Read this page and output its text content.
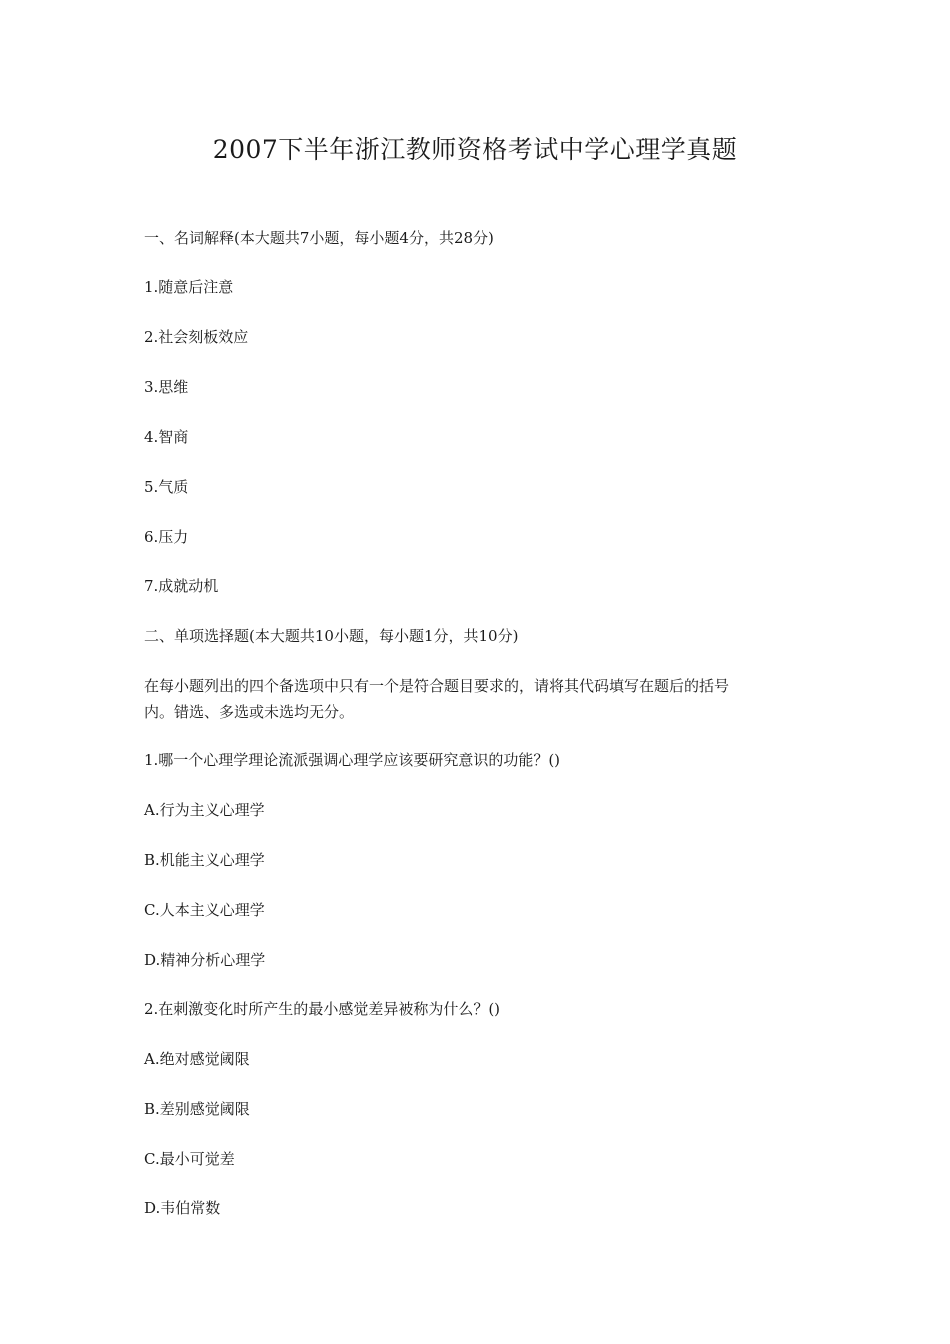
2007下半年浙江教师资格考试中学心理学真题
一、名词解释(本大题共7小题，每小题4分，共28分)
1.随意后注意
2.社会刻板效应
3.思维
4.智商
5.气质
6.压力
7.成就动机
二、单项选择题(本大题共10小题，每小题1分，共10分)
在每小题列出的四个备选项中只有一个是符合题目要求的，请将其代码填写在题后的括号
内。错选、多选或未选均无分。
1.哪一个心理学理论流派强调心理学应该要研究意识的功能？()
A.行为主义心理学
B.机能主义心理学
C.人本主义心理学
D.精神分析心理学
2.在刺激变化时所产生的最小感觉差异被称为什么？()
A.绝对感觉阈限
B.差别感觉阈限
C.最小可觉差
D.韦伯常数
